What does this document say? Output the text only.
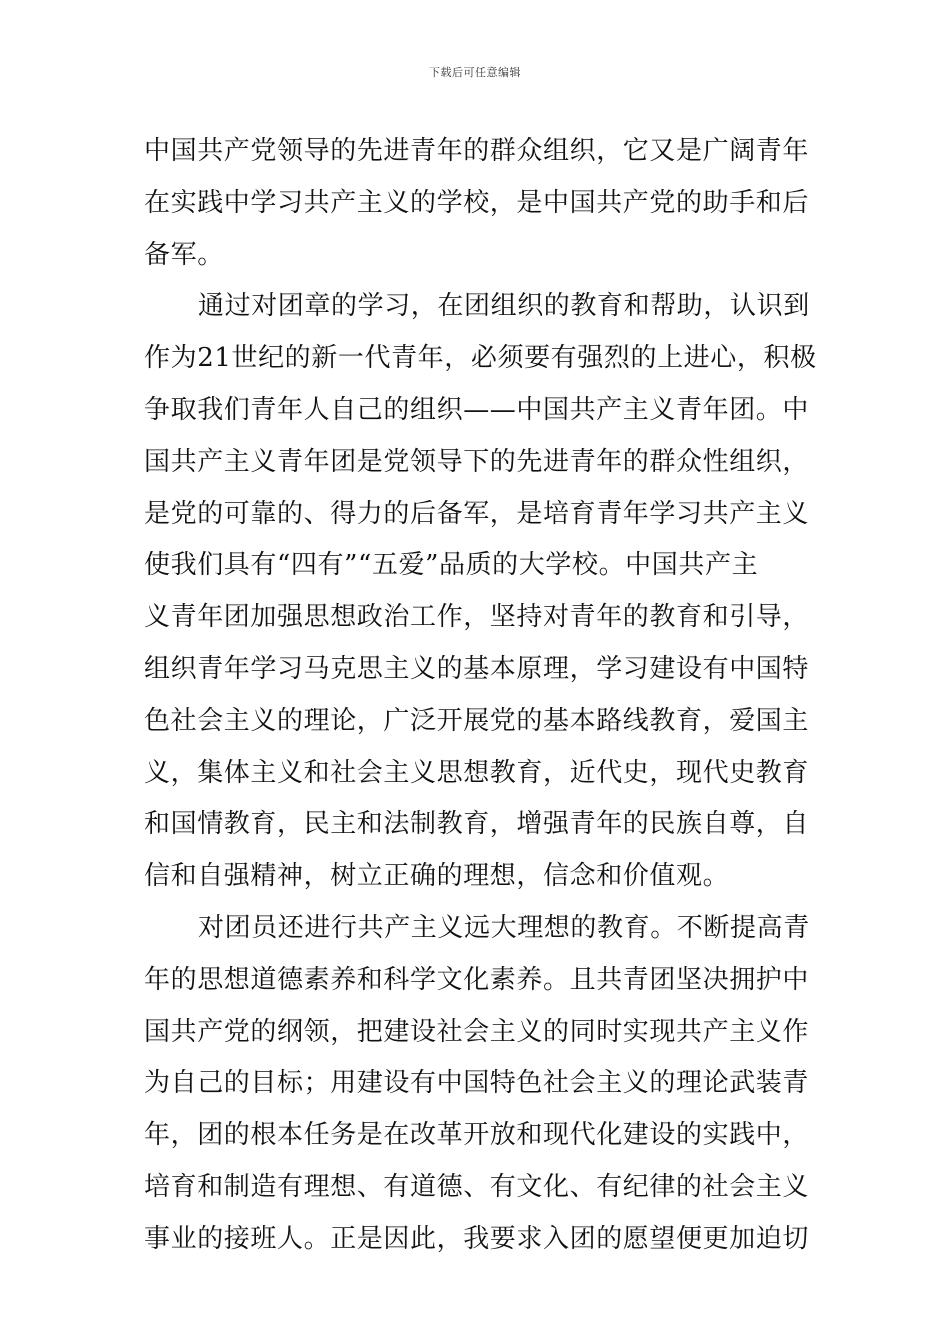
下载后可任意编辑
中国共产党领导的先进青年的群众组织，它又是广阔青年
在实践中学习共产主义的学校，是中国共产党的助手和后
备军。
通过对团章的学习，在团组织的教育和帮助，认识到
作为21世纪的新一代青年，必须要有强烈的上进心，积极
争取我们青年人自己的组织——中国共产主义青年团。中
国共产主义青年团是党领导下的先进青年的群众性组织，
是党的可靠的、得力的后备军，是培育青年学习共产主义
使我们具有“四有”“五爱”品质的大学校。中国共产主
义青年团加强思想政治工作，坚持对青年的教育和引导，
组织青年学习马克思主义的基本原理，学习建设有中国特
色社会主义的理论，广泛开展党的基本路线教育，爱国主
义，集体主义和社会主义思想教育，近代史，现代史教育
和国情教育，民主和法制教育，增强青年的民族自尊，自
信和自强精神，树立正确的理想，信念和价值观。
对团员还进行共产主义远大理想的教育。不断提高青
年的思想道德素养和科学文化素养。且共青团坚决拥护中
国共产党的纲领，把建设社会主义的同时实现共产主义作
为自己的目标；用建设有中国特色社会主义的理论武装青
年，团的根本任务是在改革开放和现代化建设的实践中，
培育和制造有理想、有道德、有文化、有纪律的社会主义
事业的接班人。正是因此，我要求入团的愿望便更加迫切
